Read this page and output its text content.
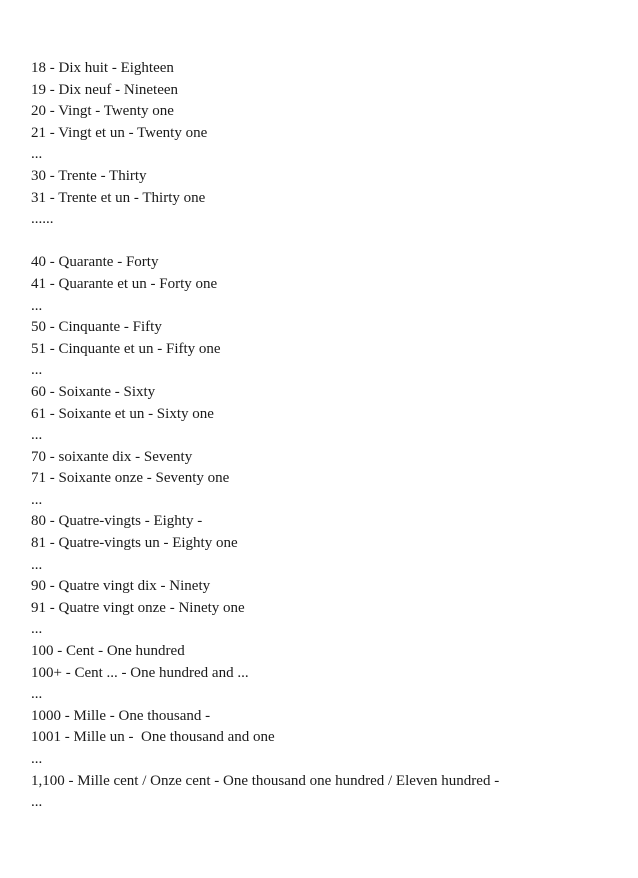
18 - Dix huit - Eighteen
19 - Dix neuf - Nineteen
20 - Vingt - Twenty one
21 - Vingt et un - Twenty one
...
30 - Trente - Thirty
31 - Trente et un - Thirty one
......
40 - Quarante - Forty
41 - Quarante et un - Forty one
...
50 - Cinquante - Fifty
51 - Cinquante et un - Fifty one
...
60 - Soixante - Sixty
61 - Soixante et un - Sixty one
...
70 - soixante dix - Seventy
71 - Soixante onze - Seventy one
...
80 - Quatre-vingts - Eighty -
81 - Quatre-vingts un - Eighty one
...
90 - Quatre vingt dix - Ninety
91 - Quatre vingt onze - Ninety one
...
100 - Cent - One hundred
100+ - Cent ... - One hundred and ...
...
1000 - Mille - One thousand -
1001 - Mille un -  One thousand and one
...
1,100 - Mille cent / Onze cent - One thousand one hundred / Eleven hundred -
...
